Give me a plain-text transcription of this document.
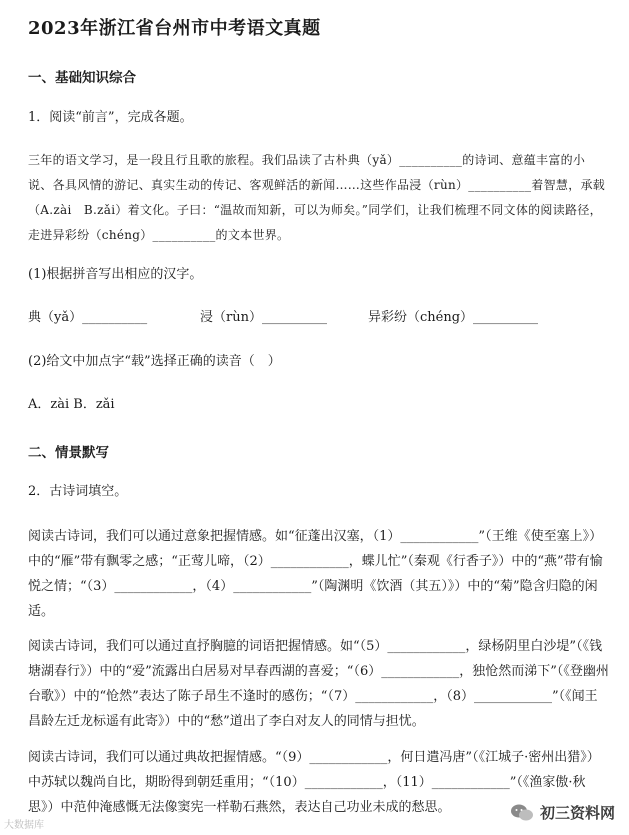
2023年浙江省台州市中考语文真题
一、基础知识综合
1．阅读“前言”，完成各题。
三年的语文学习，是一段且行且歌的旅程。我们品读了古朴典（yǎ）__________的诗词、意蕴丰富的小说、各具风情的游记、真实生动的传记、客观鲜活的新闻……这些作品浸（rùn）__________着智慧，承载（A.zài　B.zǎi）着文化。子曰：“温故而知新，可以为师矣。”同学们，让我们梳理不同文体的阅读路径，走进异彩纷（chéng）__________的文本世界。
(1)根据拼音写出相应的汉字。
典（yǎ）__________	浸（rùn）__________	异彩纷（chéng）__________
(2)给文中加点字“载”选择正确的读音（　）
A．zài B．zǎi
二、情景默写
2．古诗词填空。
阅读古诗词，我们可以通过意象把握情感。如“征蓬出汉塞，（1）____________”（王维《使至塞上》）中的“雁”带有飘零之感；“正莺儿啼，（2）____________，蝶儿忙”（秦观《行香子》）中的“燕”带有愉悦之情；“（3）____________，（4）____________”（陶渊明《饮酒（其五）》）中的“菊”隐含归隐的闲适。
阅读古诗词，我们可以通过直抒胸臆的词语把握情感。如“（5）____________，绿杨阴里白沙堤”（《钱塘湖春行》）中的“爱”流露出白居易对早春西湖的喜爱；“（6）____________，独怆然而涕下”（《登幽州台歌》）中的“怆然”表达了陈子昂生不逢时的感伤；“（7）____________，（8）____________”（《闻王昌龄左迁龙标遥有此寄》）中的“愁”道出了李白对友人的同情与担忧。
阅读古诗词，我们可以通过典故把握情感。“（9）____________，何日遣冯唐”（《江城子·密州出猎》）中苏轼以魏尚自比，期盼得到朝廷重用；“（10）____________，（11）____________”（《渔家傲·秋思》）中范仲淹感慨无法像窦宪一样勒石燕然，表达自己功业未成的愁思。
大数据库
初三资料网
